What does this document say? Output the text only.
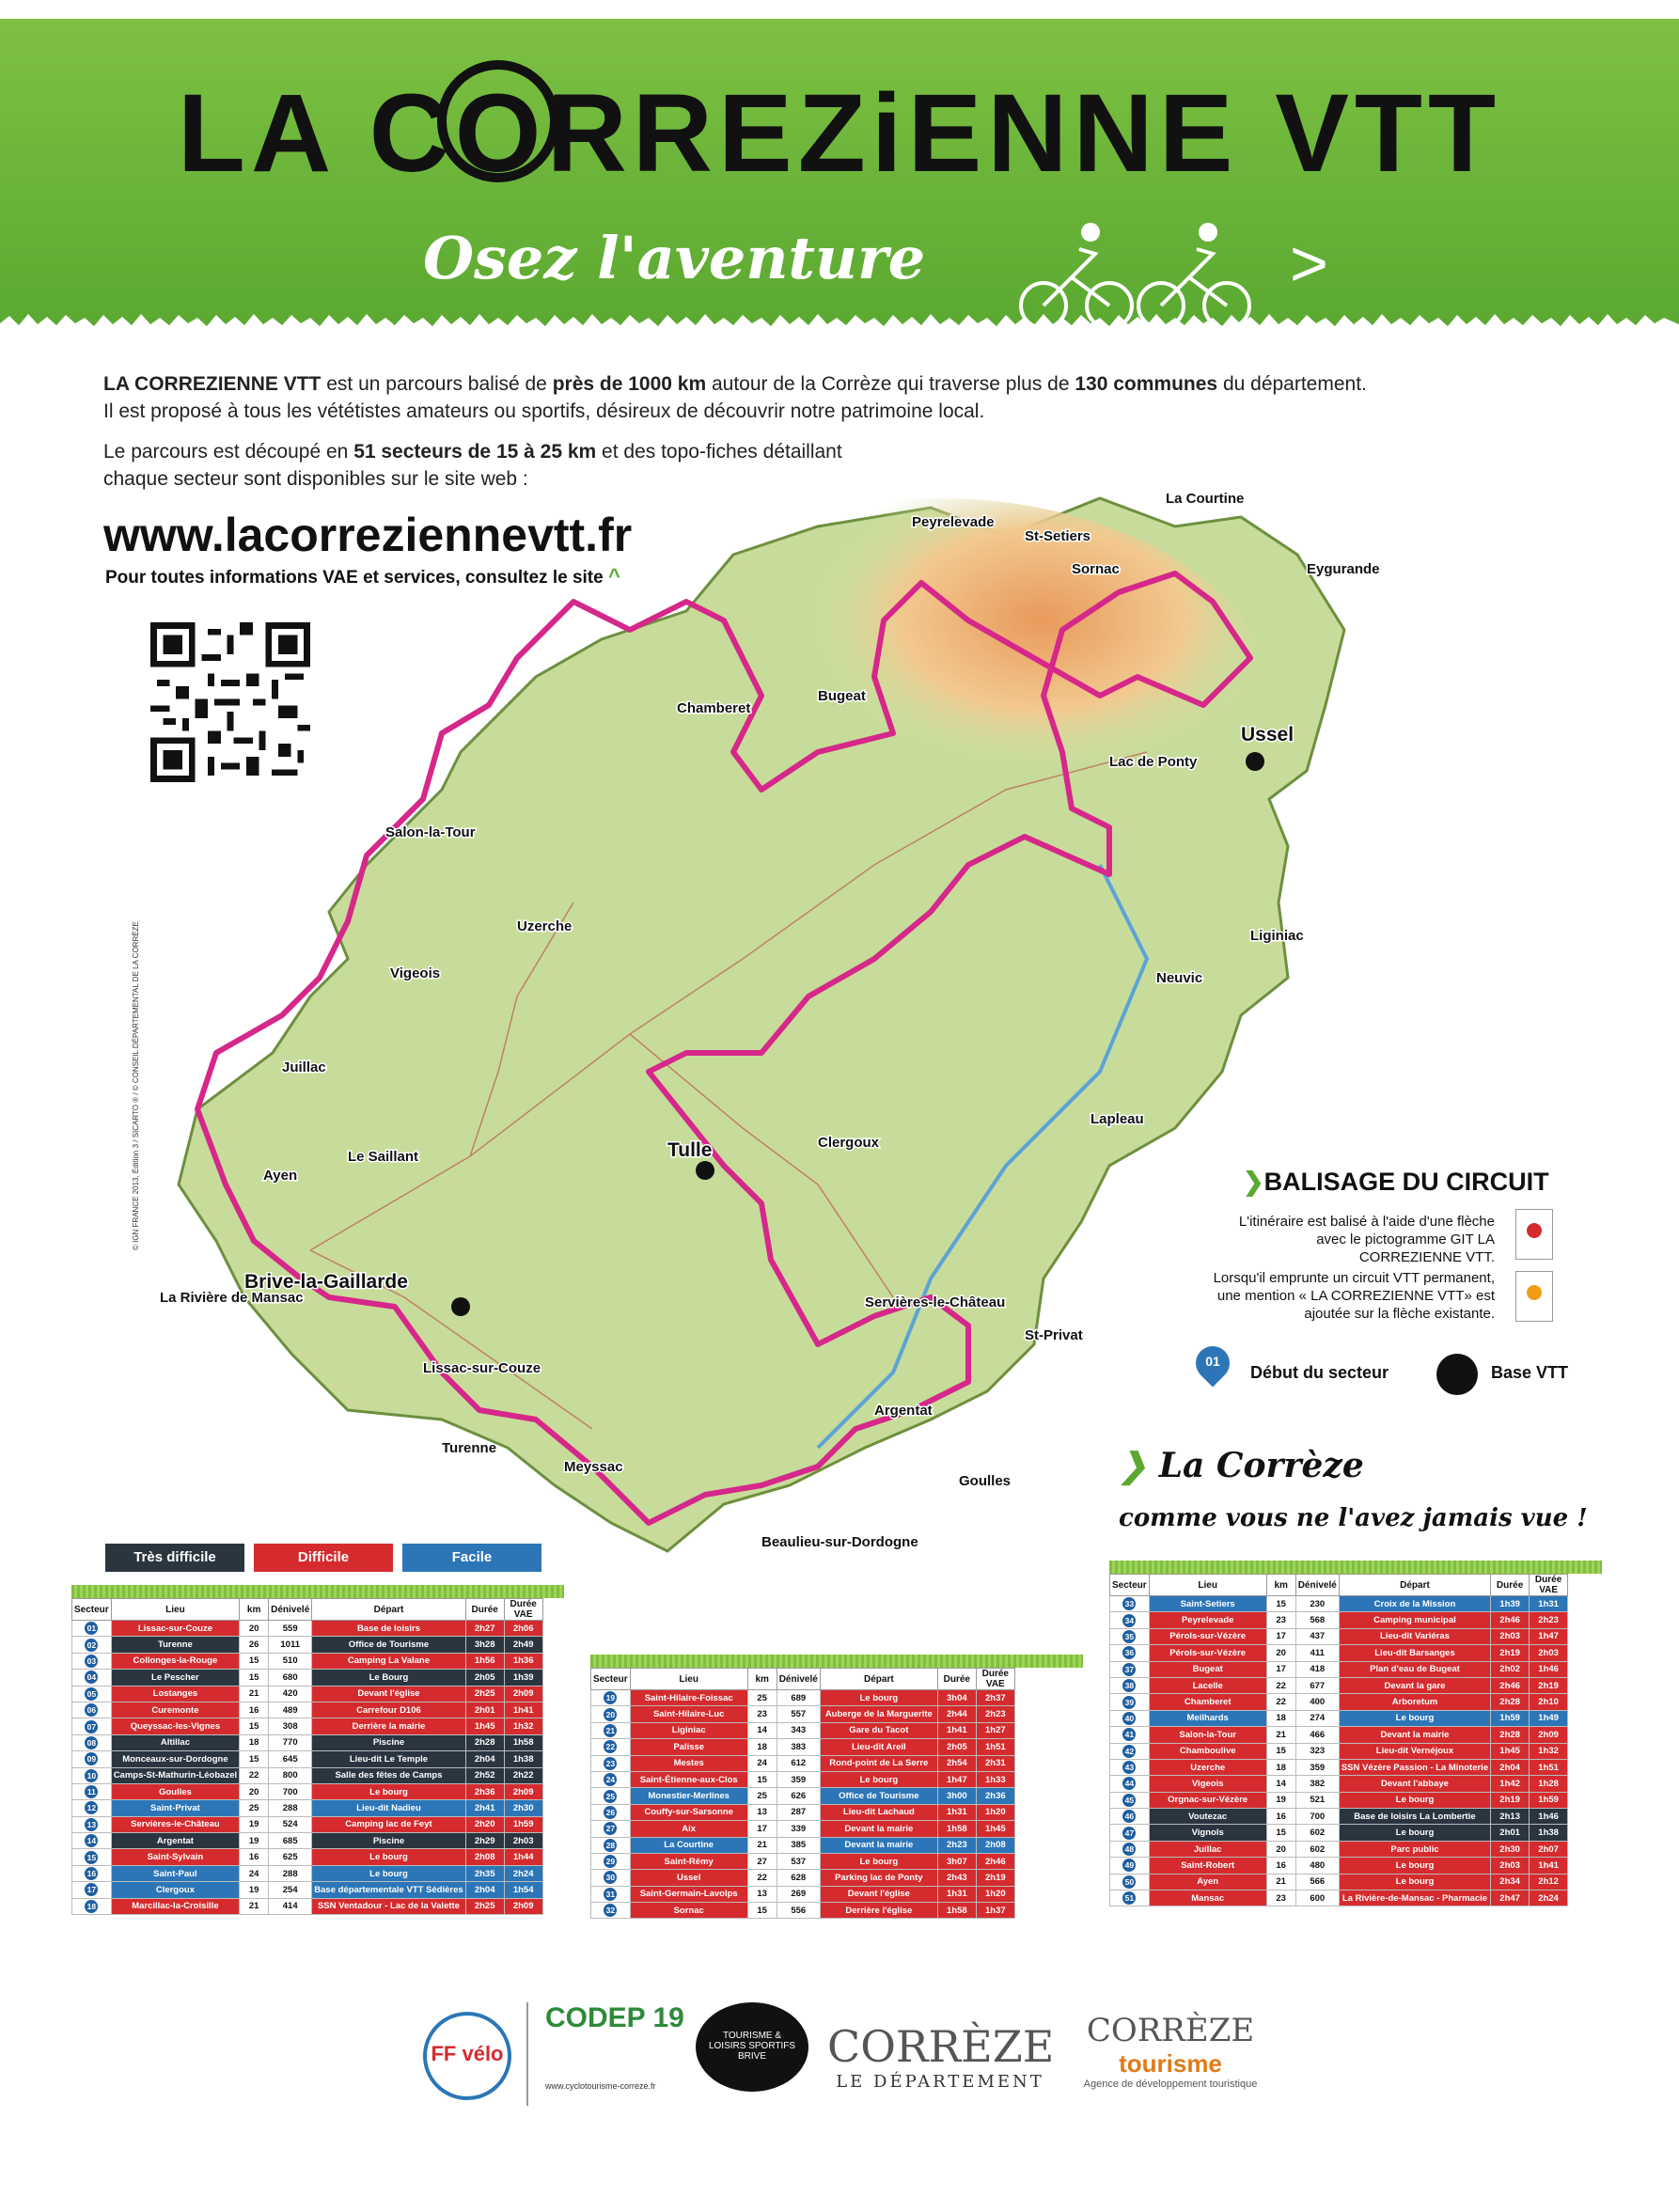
LA CORREZiENNE VTT
Osez l'aventure	>
LA CORREZIENNE VTT est un parcours balisé de près de 1000 km autour de la Corrèze qui traverse plus de 130 communes du département.
Il est proposé à tous les vététistes amateurs ou sportifs, désireux de découvrir notre patrimoine local.
Le parcours est découpé en 51 secteurs de 15 à 25 km et des topo-fiches détaillant
chaque secteur sont disponibles sur le site web :
www.lacorreziennevtt.fr
Pour toutes informations VAE et services, consultez le site ^
© IGN FRANCE 2013, Édition 3 / SICARTO ® / © CONSEIL DÉPARTEMENTAL DE LA CORRÈZE
Peyrelevade
St-Setiers
La Courtine
Sornac	Eygurande
Bugeat
Chamberet
Ussel
Lac de Ponty
Salon-la-Tour
Uzerche
Vigeois
Liginiac
Neuvic
Juillac
Lapleau
Le Saillant
Ayen
Tulle	Clergoux
La Rivière de Mansac
Brive-la-Gaillarde
Servières-le-Château
St-Privat
Lissac-sur-Couze
Argentat
Turenne
Meyssac
Goulles
Beaulieu-sur-Dordogne
❯BALISAGE DU CIRCUIT
L'itinéraire est balisé à l'aide d'une flèche avec le pictogramme GIT LA CORREZIENNE VTT.
Lorsqu'il emprunte un circuit VTT permanent, une mention « LA CORREZIENNE VTT» est ajoutée sur la flèche existante.
01
Début du secteur	Base VTT
❯ La Corrèze
comme vous ne l'avez jamais vue !
Très difficile	Difficile	Facile
Secteur	Lieu	km	Dénivelé	Départ	Durée	Durée VAE
01	Lissac-sur-Couze	20	559	Base de loisirs	2h27	2h06
02	Turenne	26	1011	Office de Tourisme	3h28	2h49
03	Collonges-la-Rouge	15	510	Camping La Valane	1h56	1h36
04	Le Pescher	15	680	Le Bourg	2h05	1h39
05	Lostanges	21	420	Devant l'église	2h25	2h09
06	Curemonte	16	489	Carrefour D106	2h01	1h41
07	Queyssac-les-Vignes	15	308	Derrière la mairie	1h45	1h32
08	Altillac	18	770	Piscine	2h28	1h58
09	Monceaux-sur-Dordogne	15	645	Lieu-dit Le Temple	2h04	1h38
10	Camps-St-Mathurin-Léobazel	22	800	Salle des fêtes de Camps	2h52	2h22
11	Goulles	20	700	Le bourg	2h36	2h09
12	Saint-Privat	25	288	Lieu-dit Nadieu	2h41	2h30
13	Servières-le-Château	19	524	Camping lac de Feyt	2h20	1h59
14	Argentat	19	685	Piscine	2h29	2h03
15	Saint-Sylvain	16	625	Le bourg	2h08	1h44
16	Saint-Paul	24	288	Le bourg	2h35	2h24
17	Clergoux	19	254	Base départementale VTT Sédières	2h04	1h54
18	Marcillac-la-Croisille	21	414	SSN Ventadour - Lac de la Valette	2h25	2h09
Secteur	Lieu	km	Dénivelé	Départ	Durée	Durée VAE
19	Saint-Hilaire-Foissac	25	689	Le bourg	3h04	2h37
20	Saint-Hilaire-Luc	23	557	Auberge de la Marguerite	2h44	2h23
21	Liginiac	14	343	Gare du Tacot	1h41	1h27
22	Palisse	18	383	Lieu-dit Areil	2h05	1h51
23	Mestes	24	612	Rond-point de La Serre	2h54	2h31
24	Saint-Étienne-aux-Clos	15	359	Le bourg	1h47	1h33
25	Monestier-Merlines	25	626	Office de Tourisme	3h00	2h36
26	Couffy-sur-Sarsonne	13	287	Lieu-dit Lachaud	1h31	1h20
27	Aix	17	339	Devant la mairie	1h58	1h45
28	La Courtine	21	385	Devant la mairie	2h23	2h08
29	Saint-Rémy	27	537	Le bourg	3h07	2h46
30	Ussel	22	628	Parking lac de Ponty	2h43	2h19
31	Saint-Germain-Lavolps	13	269	Devant l'église	1h31	1h20
32	Sornac	15	556	Derrière l'église	1h58	1h37
Secteur	Lieu	km	Dénivelé	Départ	Durée	Durée VAE
33	Saint-Setiers	15	230	Croix de la Mission	1h39	1h31
34	Peyrelevade	23	568	Camping municipal	2h46	2h23
35	Pérols-sur-Vézère	17	437	Lieu-dit Variéras	2h03	1h47
36	Pérols-sur-Vézère	20	411	Lieu-dit Barsanges	2h19	2h03
37	Bugeat	17	418	Plan d'eau de Bugeat	2h02	1h46
38	Lacelle	22	677	Devant la gare	2h46	2h19
39	Chamberet	22	400	Arboretum	2h28	2h10
40	Meilhards	18	274	Le bourg	1h59	1h49
41	Salon-la-Tour	21	466	Devant la mairie	2h28	2h09
42	Chamboulive	15	323	Lieu-dit Vernéjoux	1h45	1h32
43	Uzerche	18	359	SSN Vézère Passion - La Minoterie	2h04	1h51
44	Vigeois	14	382	Devant l'abbaye	1h42	1h28
45	Orgnac-sur-Vézère	19	521	Le bourg	2h19	1h59
46	Voutezac	16	700	Base de loisirs La Lombertie	2h13	1h46
47	Vignols	15	602	Le bourg	2h01	1h38
48	Juillac	20	602	Parc public	2h30	2h07
49	Saint-Robert	16	480	Le bourg	2h03	1h41
50	Ayen	21	566	Le bourg	2h34	2h12
51	Mansac	23	600	La Rivière-de-Mansac - Pharmacie	2h47	2h24
FF vélo
CODEP 19
www.cyclotourisme-correze.fr
TOURISME & LOISIRS SPORTIFS BRIVE	CORRÈZE
LE DÉPARTEMENT
CORRÈZE
tourisme
Agence de développement touristique
